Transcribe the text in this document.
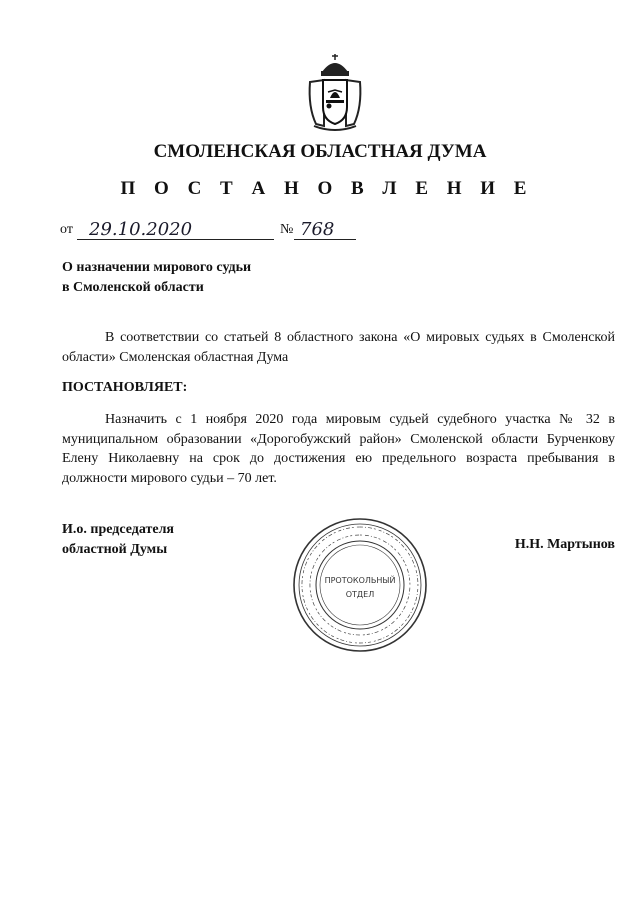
СМОЛЕНСКАЯ ОБЛАСТНАЯ ДУМА
П О С Т А Н О В Л Е Н И Е
от 29.10.2020	№ 768
О назначении мирового судьи
в Смоленской области
В соответствии со статьей 8 областного закона «О мировых судьях в Смоленской области» Смоленская областная Дума
ПОСТАНОВЛЯЕТ:
Назначить с 1 ноября 2020 года мировым судьей судебного участка № 32 в муниципальном образовании «Дорогобужский район» Смоленской области Бурченкову Елену Николаевну на срок до достижения ею предельного возраста пребывания в должности мирового судьи – 70 лет.
И.о. председателя
областной Думы
ПРОТОКОЛЬНЫЙ
ОТДЕЛ
Н.Н. Мартынов
